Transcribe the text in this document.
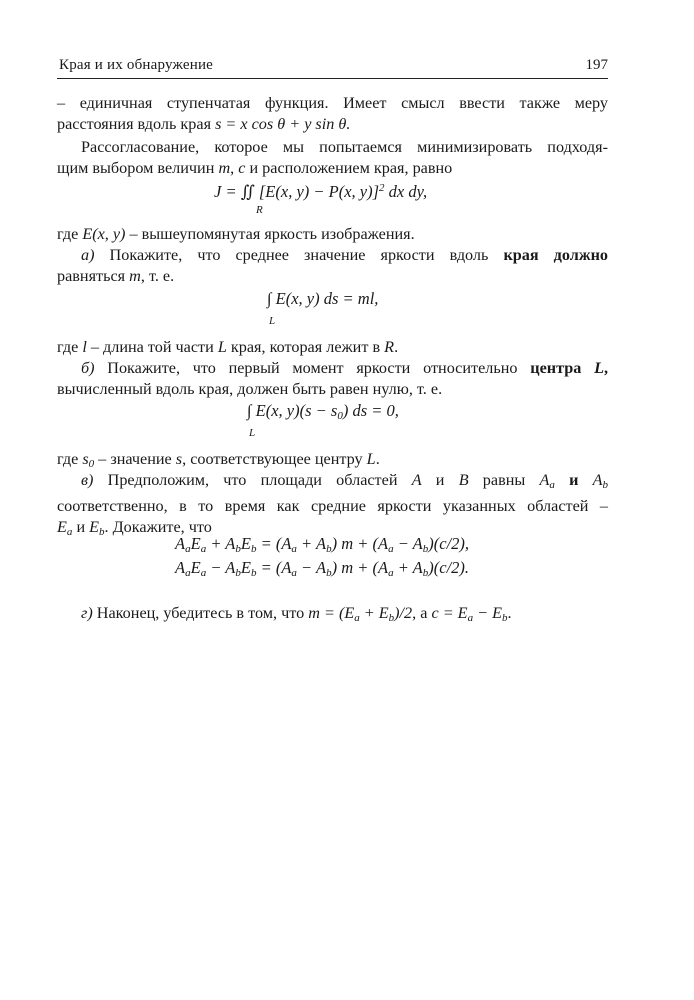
Края и их обнаружение	197
– единичная ступенчатая функция. Имеет смысл ввести также меру
расстояния вдоль края s = x cos θ + y sin θ.
Рассогласование, которое мы попытаемся минимизировать подходя-
щим выбором величин m, c и расположением края, равно
J = ∬ [E(x, y) − P(x, y)]$^2$ dx dy,
R
где E(x, y) – вышеупомянутая яркость изображения.
а) Покажите, что среднее значение яркости вдоль края должно
равняться m, т. е.
∫ E(x, y) ds = ml,
L
где l – длина той части L края, которая лежит в R.
б) Покажите, что первый момент яркости относительно центра L,
вычисленный вдоль края, должен быть равен нулю, т. е.
∫ E(x, $y)(s - s_0)$ ds = 0,
L
где $s_0$ – значение s, соответствующее центру L.
в) Предположим, что площади областей A и B равны $A_a$ и $A_b$
соответственно, в то время как средние яркости указанных областей –
$E_a$ и $E_b$. Докажите, что
$A_aE_a + A_bE_b = (A_a + A_b) m + (A_a - A_b)(c/2)$,
$A_aE_a - A_bE_b = (A_a - A_b) m + (A_a + A_b)(c/2)$.
г) Наконец, убедитесь в том, что $m = (E_a + E_b)/2$, а $c = E_a - E_b$.
